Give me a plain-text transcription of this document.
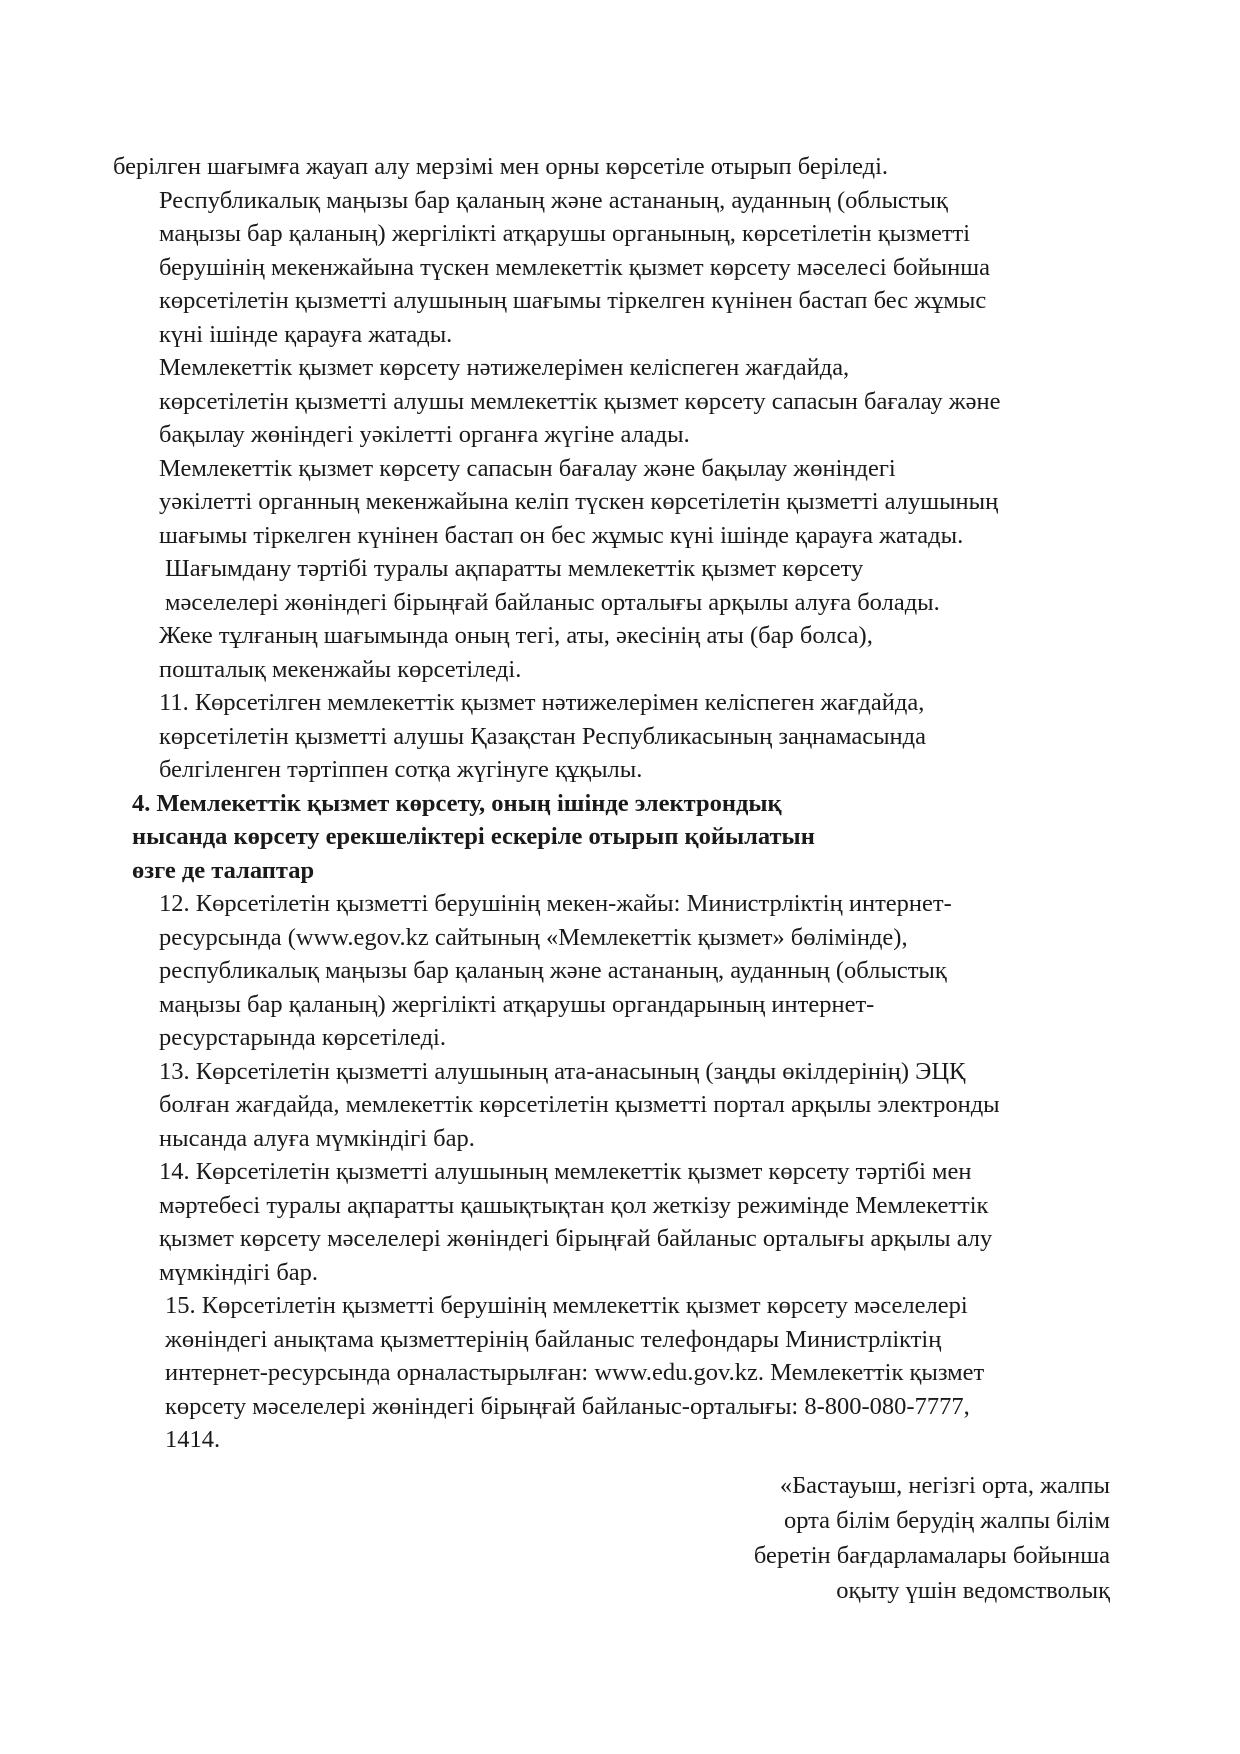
берілген шағымға жауап алу мерзімі мен орны көрсетіле отырып беріледі.

Республикалық маңызы бар қаланың және астананың, ауданның (облыстық
маңызы бар қаланың) жергілікті атқарушы органының, көрсетілетін қызметті
берушінің мекенжайына түскен мемлекеттік қызмет көрсету мәселесі бойынша
көрсетілетін қызметті алушының шағымы тіркелген күнінен бастап бес жұмыс
күні ішінде қарауға жатады.

Мемлекеттік қызмет көрсету нәтижелерімен келіспеген жағдайда,
көрсетілетін қызметті алушы мемлекеттік қызмет көрсету сапасын бағалау және
бақылау жөніндегі уәкілетті органға жүгіне алады.

Мемлекеттік қызмет көрсету сапасын бағалау және бақылау жөніндегі
уәкілетті органның мекенжайына келіп түскен көрсетілетін қызметті алушының
шағымы тіркелген күнінен бастап он бес жұмыс күні ішінде қарауға жатады.

Шағымдану тәртібі туралы ақпаратты мемлекеттік қызмет көрсету
мәселелері жөніндегі бірыңғай байланыс орталығы арқылы алуға болады.

Жеке тұлғаның шағымында оның тегі, аты, әкесінің аты (бар болса),
пошталық мекенжайы көрсетіледі.

11. Көрсетілген мемлекеттік қызмет нәтижелерімен келіспеген жағдайда,
көрсетілетін қызметті алушы Қазақстан Республикасының заңнамасында
белгіленген тәртіппен сотқа жүгінуге құқылы.

4. Мемлекеттік қызмет көрсету, оның ішінде электрондық
нысанда көрсету ерекшеліктері ескеріле отырып қойылатын
өзге де талаптар

12. Көрсетілетін қызметті берушінің мекен-жайы: Министрліктің интернет-
ресурсында (www.egov.kz сайтының «Мемлекеттік қызмет» бөлімінде),
республикалық маңызы бар қаланың және астананың, ауданның (облыстық
маңызы бар қаланың) жергілікті атқарушы органдарының интернет-
ресурстарында көрсетіледі.

13. Көрсетілетін қызметті алушының ата-анасының (заңды өкілдерінің) ЭЦҚ
болған жағдайда, мемлекеттік көрсетілетін қызметті портал арқылы электронды
нысанда алуға мүмкіндігі бар.

14. Көрсетілетін қызметті алушының мемлекеттік қызмет көрсету тәртібі мен
мәртебесі туралы ақпаратты қашықтықтан қол жеткізу режимінде Мемлекеттік
қызмет көрсету мәселелері жөніндегі бірыңғай байланыс орталығы арқылы алу
мүмкіндігі бар.

15. Көрсетілетін қызметті берушінің мемлекеттік қызмет көрсету мәселелері
жөніндегі анықтама қызметтерінің байланыс телефондары Министрліктің
интернет-ресурсында орналастырылған: www.edu.gov.kz. Мемлекеттік қызмет
көрсету мәселелері жөніндегі бірыңғай байланыс-орталығы: 8-800-080-7777,
1414.

«Бастауыш, негізгі орта, жалпы
орта білім берудің жалпы білім
беретін бағдарламалары бойынша
оқыту үшін ведомстволық
